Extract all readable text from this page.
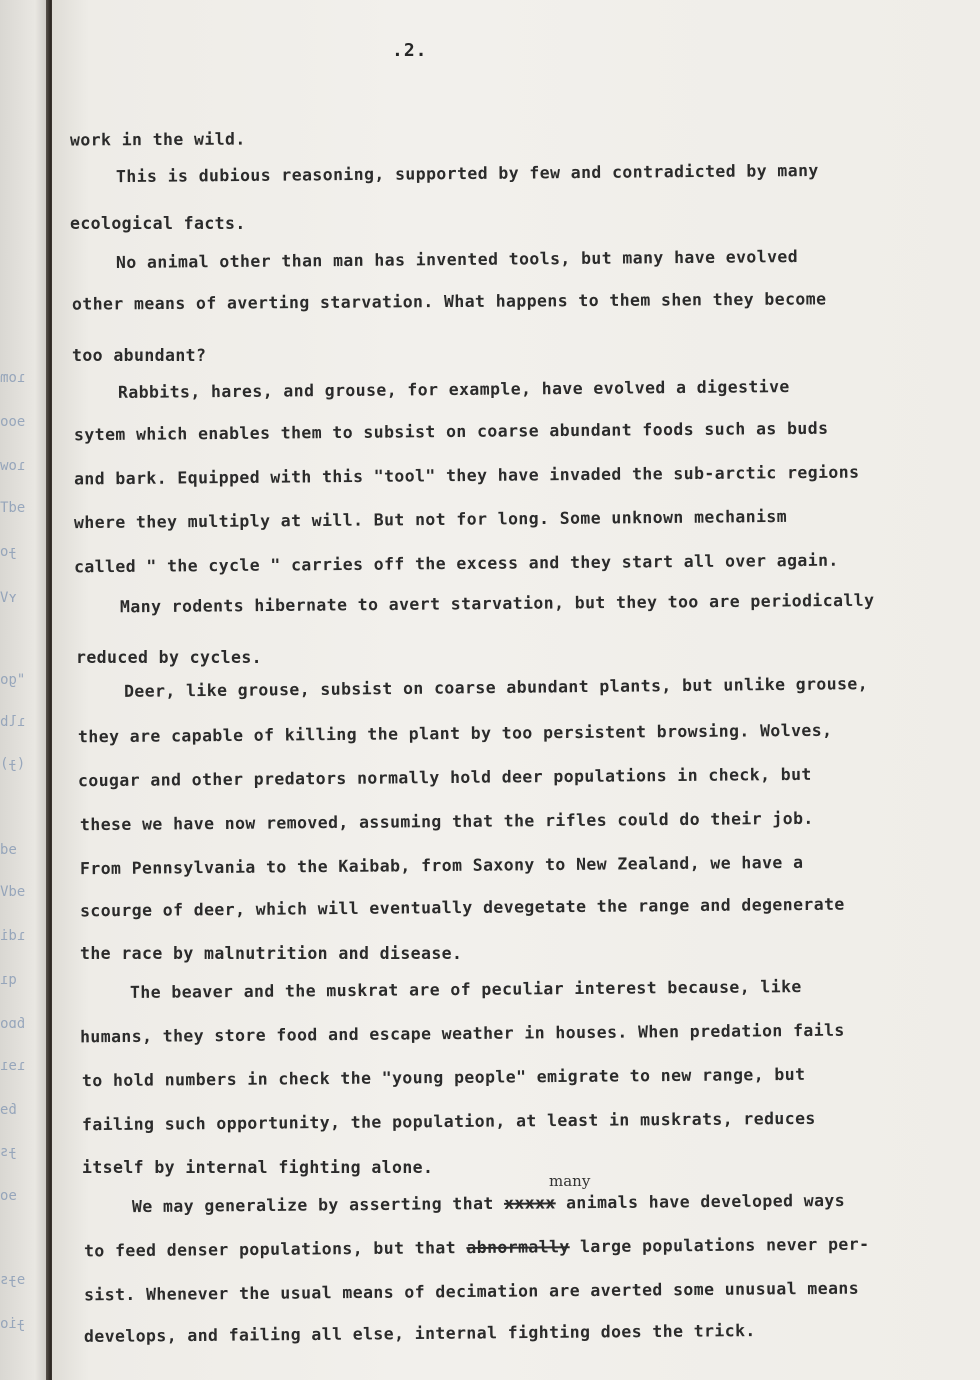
ɿom
ɘoo
ɿow
ɘdT
ɟo
ʏV
"go
ɿlb
(ɟ)
ɘd
ɘdV
ɿdi
qı
ɓɒo
ɿɘı
ɓɘ
ɟs
ɘo
ɘɟs
ɟio
.2.
work in the wild.
This is dubious reasoning, supported by few and contradicted by many
ecological facts.
No animal other than man has invented tools, but many have evolved
other means of averting starvation. What happens to them shen they become
too abundant?
Rabbits, hares, and grouse, for example, have evolved a digestive
sytem which enables them to subsist on coarse abundant foods such as buds
and bark. Equipped with this "tool" they have invaded the sub-arctic regions
where they multiply at will. But not for long. Some unknown mechanism
called " the cycle " carries off the excess and they start all over again.
Many rodents hibernate to avert starvation, but they too are periodically
reduced by cycles.
Deer, like grouse, subsist on coarse abundant plants, but unlike grouse,
they are capable of killing the plant by too persistent browsing. Wolves,
cougar and other predators normally hold deer populations in check, but
these we have now removed, assuming that the rifles could do their job.
From Pennsylvania to the Kaibab, from Saxony to New Zealand, we have a
scourge of deer, which will eventually devegetate the range and degenerate
the race by malnutrition and disease.
The beaver and the muskrat are of peculiar interest because, like
humans, they store food and escape weather in houses. When predation fails
to hold numbers in check the "young people" emigrate to new range, but
failing such opportunity, the population, at least in muskrats, reduces
itself by internal fighting alone.
many
We may generalize by asserting that xxxxx animals have developed ways
to feed denser populations, but that abnormally large populations never per-
sist. Whenever the usual means of decimation are averted some unusual means
develops, and failing all else, internal fighting does the trick.
